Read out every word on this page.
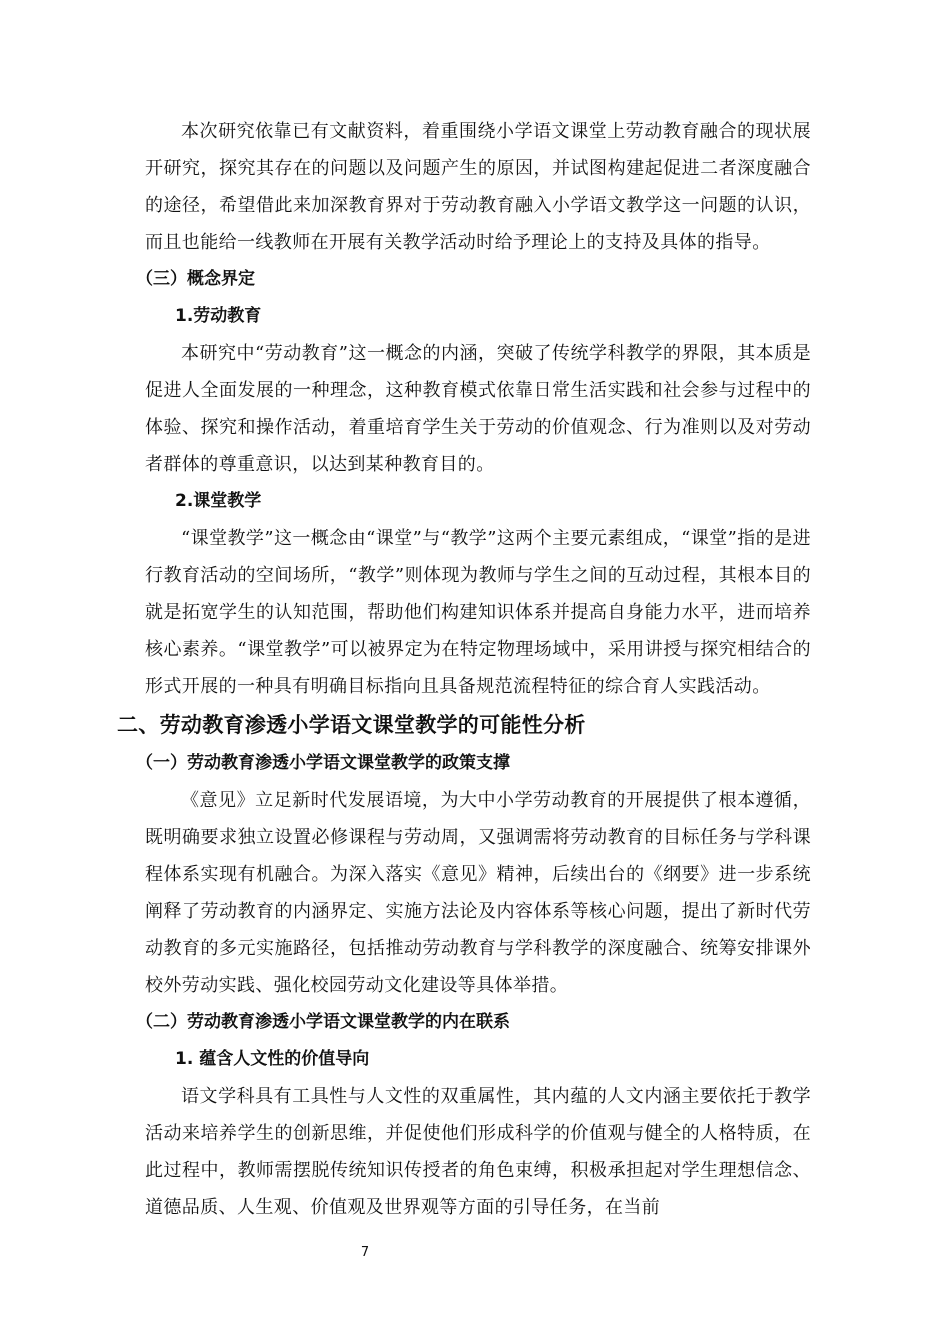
本次研究依靠已有文献资料，着重围绕小学语文课堂上劳动教育融合的现状展开研究，探究其存在的问题以及问题产生的原因，并试图构建起促进二者深度融合的途径，希望借此来加深教育界对于劳动教育融入小学语文教学这一问题的认识，而且也能给一线教师在开展有关教学活动时给予理论上的支持及具体的指导。

（三）概念界定
1.劳动教育

本研究中“劳动教育”这一概念的内涵，突破了传统学科教学的界限，其本质是促进人全面发展的一种理念，这种教育模式依靠日常生活实践和社会参与过程中的体验、探究和操作活动，着重培育学生关于劳动的价值观念、行为准则以及对劳动者群体的尊重意识，以达到某种教育目的。

2.课堂教学

“课堂教学”这一概念由“课堂”与“教学”这两个主要元素组成，“课堂”指的是进行教育活动的空间场所，“教学”则体现为教师与学生之间的互动过程，其根本目的就是拓宽学生的认知范围，帮助他们构建知识体系并提高自身能力水平，进而培养核心素养。“课堂教学”可以被界定为在特定物理场域中，采用讲授与探究相结合的形式开展的一种具有明确目标指向且具备规范流程特征的综合育人实践活动。

二、劳动教育渗透小学语文课堂教学的可能性分析
（一）劳动教育渗透小学语文课堂教学的政策支撑

《意见》立足新时代发展语境，为大中小学劳动教育的开展提供了根本遵循，既明确要求独立设置必修课程与劳动周，又强调需将劳动教育的目标任务与学科课程体系实现有机融合。为深入落实《意见》精神，后续出台的《纲要》进一步系统阐释了劳动教育的内涵界定、实施方法论及内容体系等核心问题，提出了新时代劳动教育的多元实施路径，包括推动劳动教育与学科教学的深度融合、统筹安排课外校外劳动实践、强化校园劳动文化建设等具体举措。

（二）劳动教育渗透小学语文课堂教学的内在联系
1. 蕴含人文性的价值导向

语文学科具有工具性与人文性的双重属性，其内蕴的人文内涵主要依托于教学活动来培养学生的创新思维，并促使他们形成科学的价值观与健全的人格特质，在此过程中，教师需摆脱传统知识传授者的角色束缚，积极承担起对学生理想信念、道德品质、人生观、价值观及世界观等方面的引导任务，在当前

7
